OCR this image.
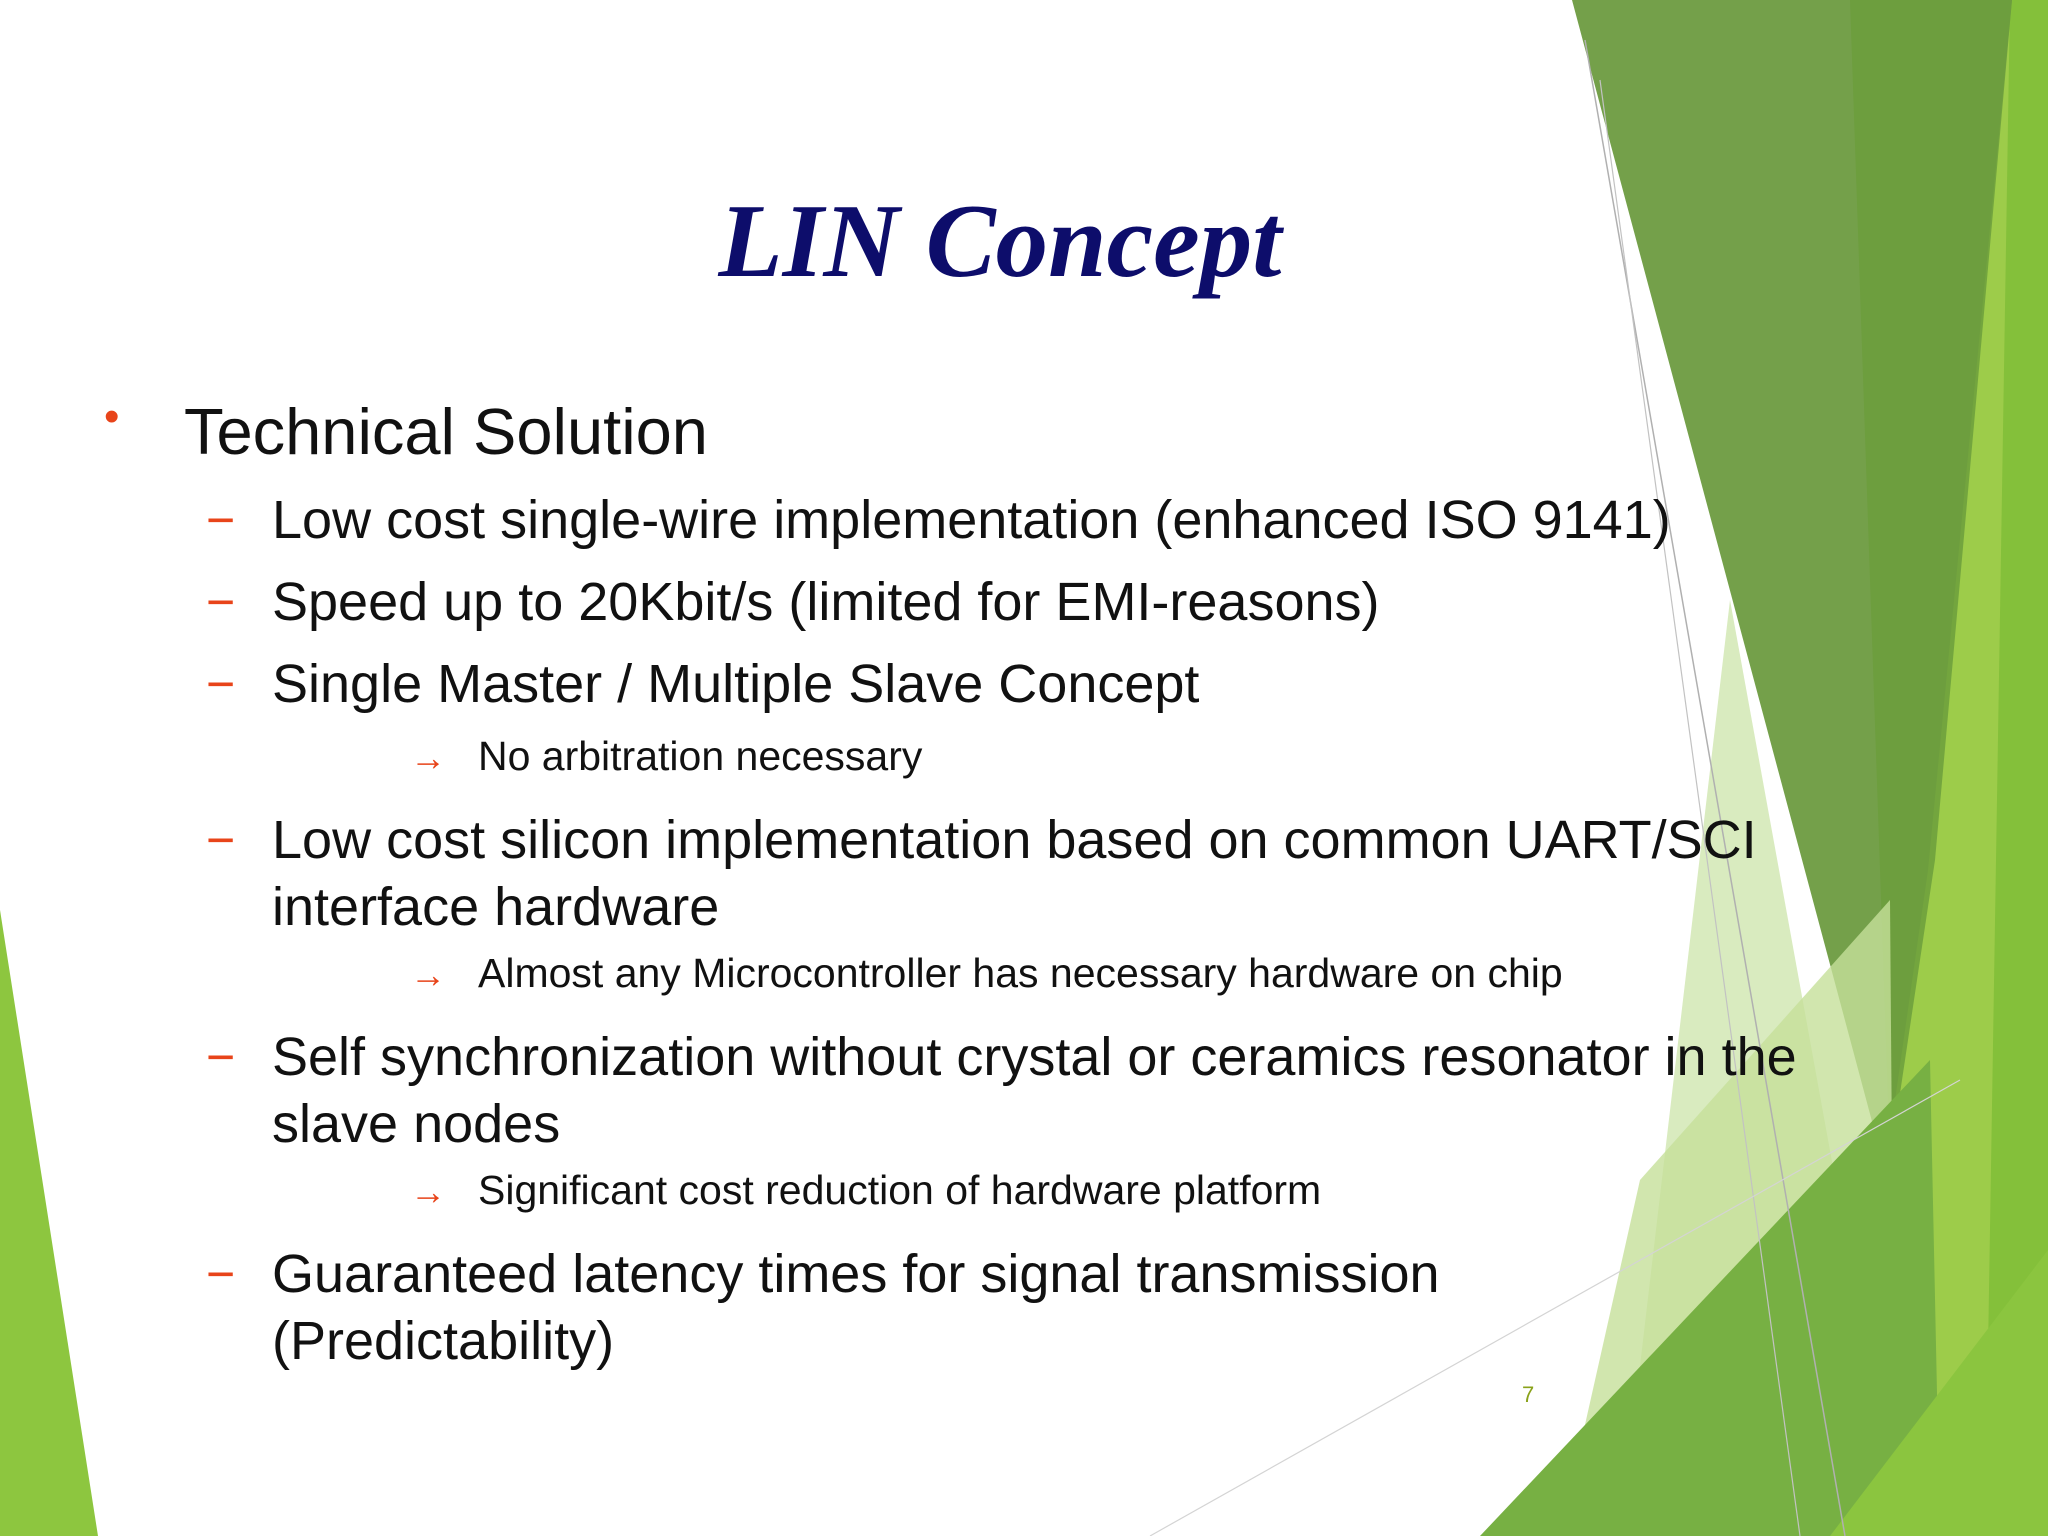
LIN Concept
• Technical Solution
− Low cost single-wire implementation (enhanced ISO 9141)
− Speed up to 20Kbit/s (limited for EMI-reasons)
− Single Master / Multiple Slave Concept
→ No arbitration necessary
− Low cost silicon implementation based on common UART/SCI
interface hardware
→ Almost any Microcontroller has necessary hardware on chip
− Self synchronization without crystal or ceramics resonator in the
slave nodes
→ Significant cost reduction of hardware platform
− Guaranteed latency times for signal transmission
(Predictability)
7
